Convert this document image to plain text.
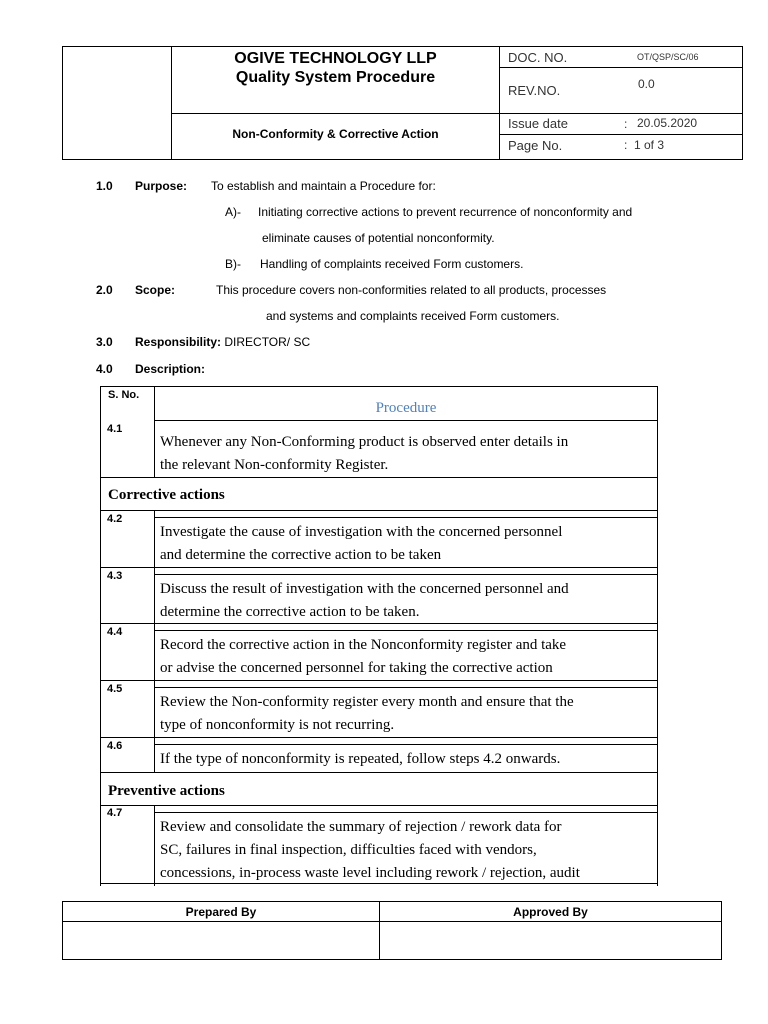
OGIVE TECHNOLOGY LLP
Quality System Procedure
Non-Conformity & Corrective Action
DOC. NO.	OT/QSP/SC/06
REV.NO.	0.0
Issue date	: 20.05.2020
Page No.	: 1 of 3
1.0 Purpose: To establish and maintain a Procedure for:
A)- Initiating corrective actions to prevent recurrence of nonconformity and
eliminate causes of potential nonconformity.
B)- Handling of complaints received Form customers.
2.0 Scope:	This procedure covers non-conformities related to all products, processes
and systems and complaints received Form customers.
3.0 Responsibility: DIRECTOR/ SC
4.0 Description:
S. No.
Procedure
4.1
Whenever any Non-Conforming product is observed enter details in
the relevant Non-conformity Register.
Corrective actions
4.2
Investigate the cause of investigation with the concerned personnel
and determine the corrective action to be taken
4.3
Discuss the result of investigation with the concerned personnel and
determine the corrective action to be taken.
4.4
Record the corrective action in the Nonconformity register and take
or advise the concerned personnel for taking the corrective action
4.5
Review the Non-conformity register every month and ensure that the
type of nonconformity is not recurring.
4.6
If the type of nonconformity is repeated, follow steps 4.2 onwards.
Preventive actions
4.7
Review and consolidate the summary of rejection / rework data for
SC, failures in final inspection, difficulties faced with vendors,
concessions, in-process waste level including rework / rejection, audit
Prepared By	Approved By
